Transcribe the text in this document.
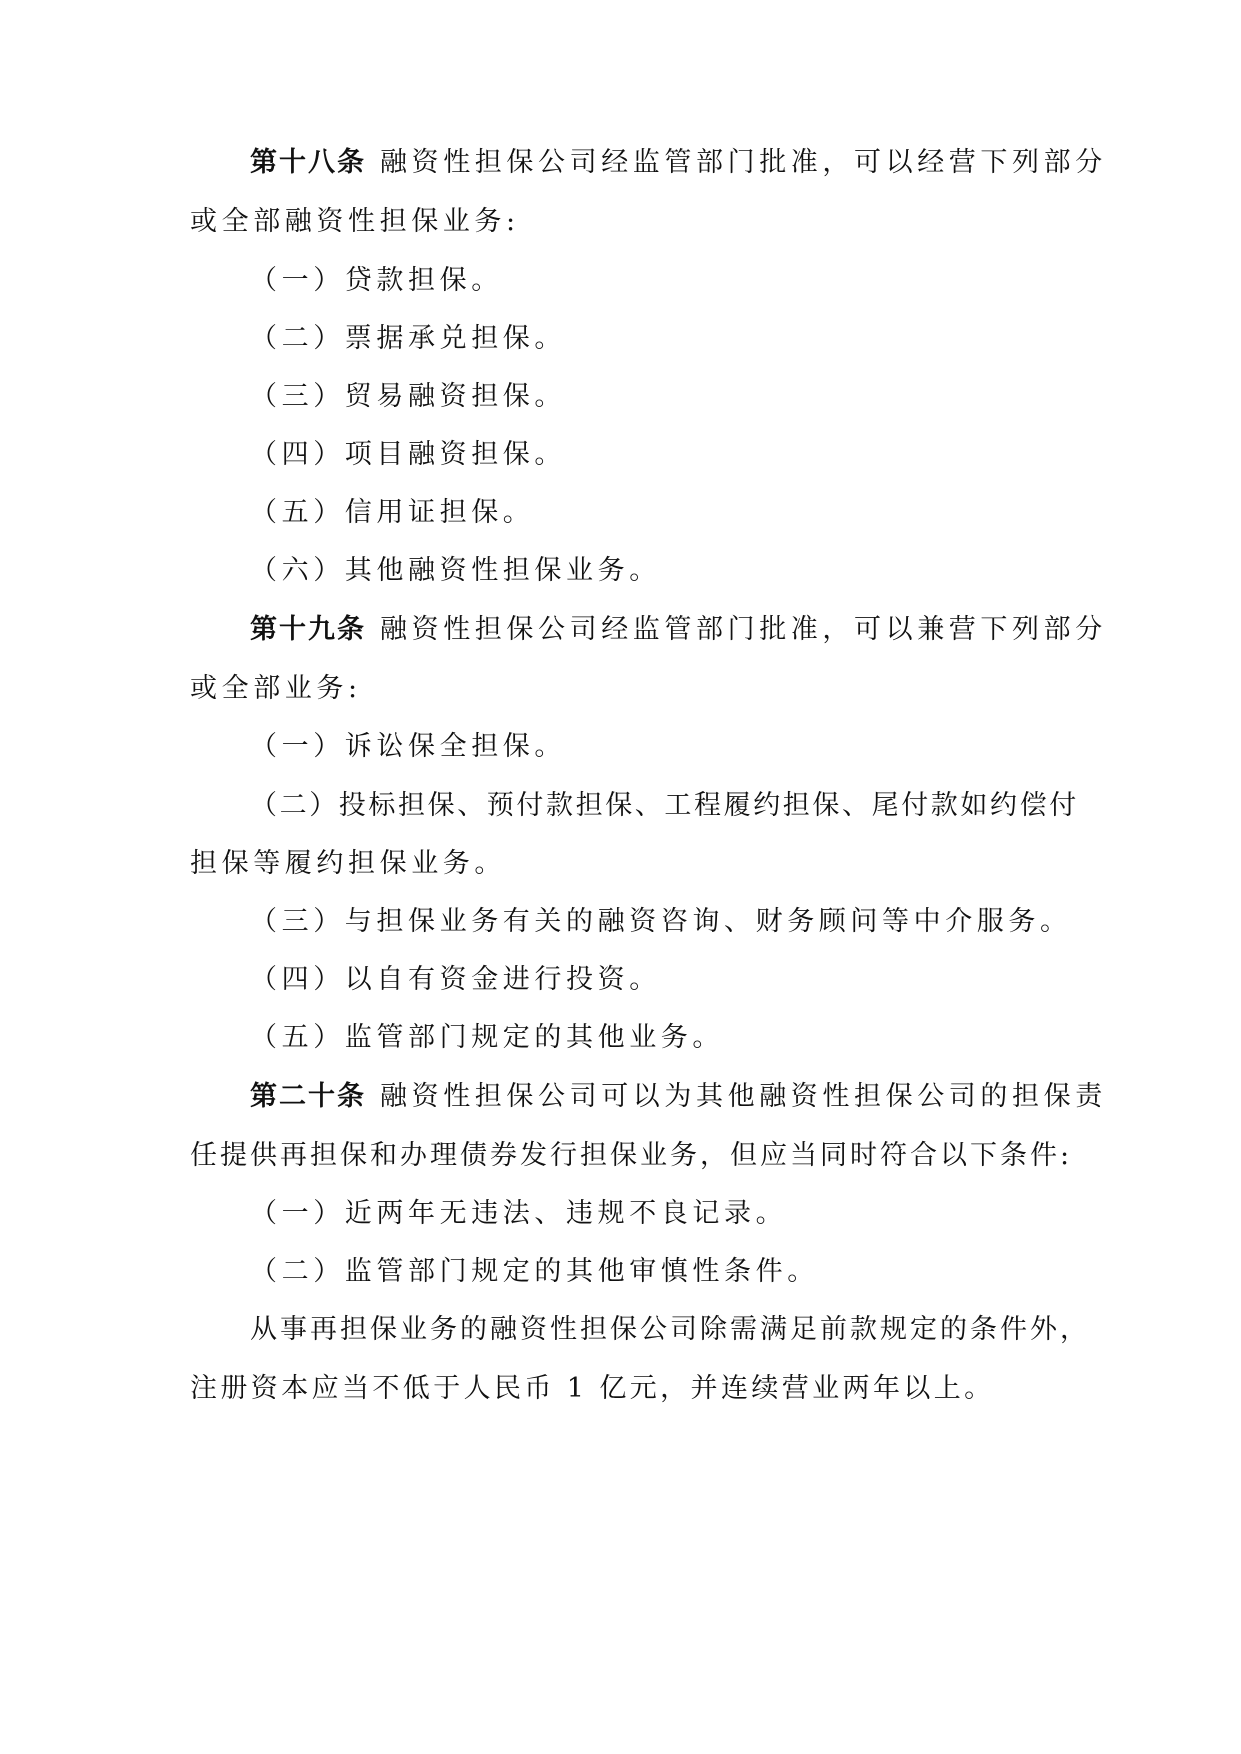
第十八条 融资性担保公司经监管部门批准，可以经营下列部分
或全部融资性担保业务:
（一）贷款担保。
（二）票据承兑担保。
（三）贸易融资担保。
（四）项目融资担保。
（五）信用证担保。
（六）其他融资性担保业务。
第十九条 融资性担保公司经监管部门批准，可以兼营下列部分
或全部业务:
（一）诉讼保全担保。
（二）投标担保、预付款担保、工程履约担保、尾付款如约偿付
担保等履约担保业务。
（三）与担保业务有关的融资咨询、财务顾问等中介服务。
（四）以自有资金进行投资。
（五）监管部门规定的其他业务。
第二十条 融资性担保公司可以为其他融资性担保公司的担保责
任提供再担保和办理债券发行担保业务，但应当同时符合以下条件:
（一）近两年无违法、违规不良记录。
（二）监管部门规定的其他审慎性条件。
从事再担保业务的融资性担保公司除需满足前款规定的条件外，
注册资本应当不低于人民币 1 亿元，并连续营业两年以上。
